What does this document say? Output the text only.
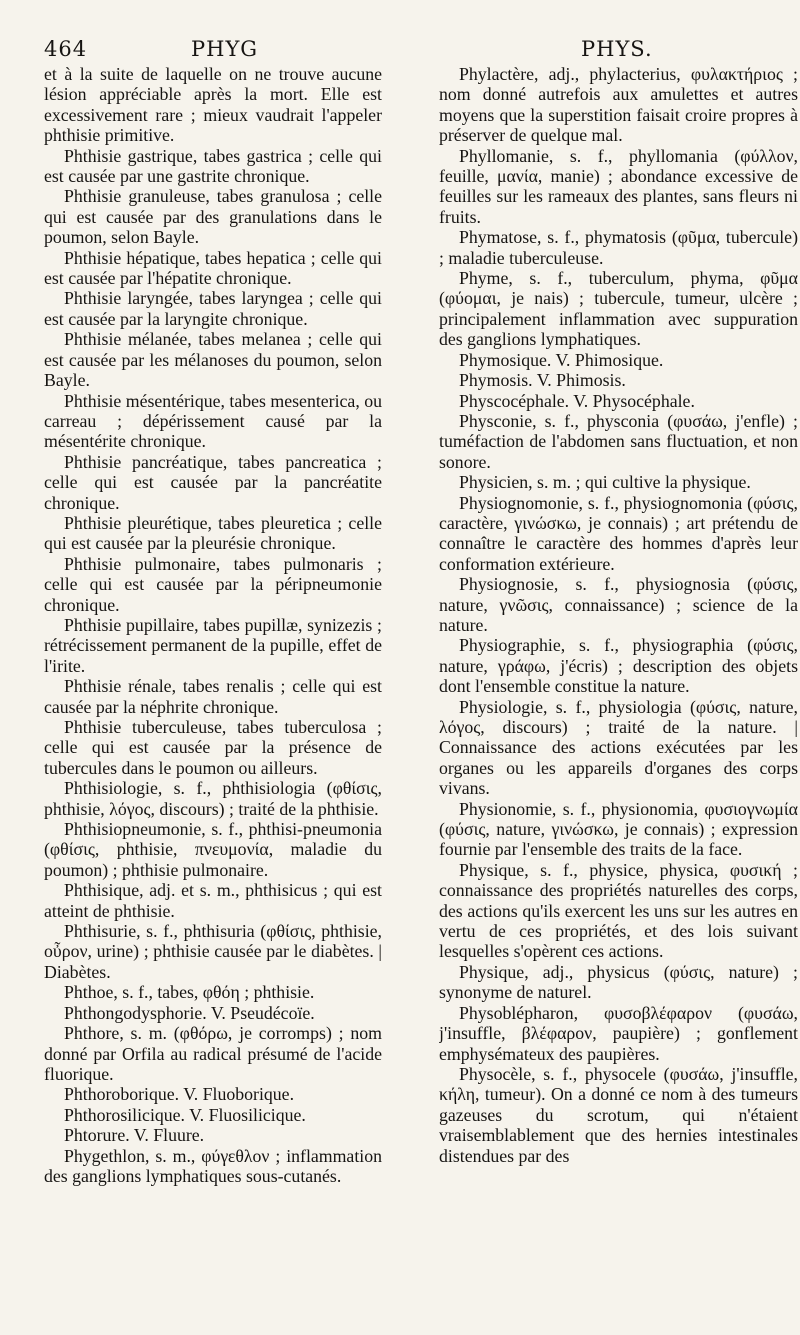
464	PHYG	PHYS.

et à la suite de laquelle on ne trouve aucune lésion appréciable après la mort. Elle est excessivement rare ; mieux vaudrait l'appeler phthisie primitive.

Phthisie gastrique, tabes gastrica ; celle qui est causée par une gastrite chronique.

Phthisie granuleuse, tabes granulosa ; celle qui est causée par des granulations dans le poumon, selon Bayle.

Phthisie hépatique, tabes hepatica ; celle qui est causée par l'hépatite chronique.

Phthisie laryngée, tabes laryngea ; celle qui est causée par la laryngite chronique.

Phthisie mélanée, tabes melanea ; celle qui est causée par les mélanoses du poumon, selon Bayle.

Phthisie mésentérique, tabes mesenterica, ou carreau ; dépérissement causé par la mésentérite chronique.

Phthisie pancréatique, tabes pancreatica ; celle qui est causée par la pancréatite chronique.

Phthisie pleurétique, tabes pleuretica ; celle qui est causée par la pleurésie chronique.

Phthisie pulmonaire, tabes pulmonaris ; celle qui est causée par la péripneumonie chronique.

Phthisie pupillaire, tabes pupillæ, synizezis ; rétrécissement permanent de la pupille, effet de l'irite.

Phthisie rénale, tabes renalis ; celle qui est causée par la néphrite chronique.

Phthisie tuberculeuse, tabes tuberculosa ; celle qui est causée par la présence de tubercules dans le poumon ou ailleurs.

Phthisiologie, s. f., phthisiologia (φθίσις, phthisie, λόγος, discours) ; traité de la phthisie.

Phthisiopneumonie, s. f., phthisi-pneumonia (φθίσις, phthisie, πνευμονία, maladie du poumon) ; phthisie pulmonaire.

Phthisique, adj. et s. m., phthisicus ; qui est atteint de phthisie.

Phthisurie, s. f., phthisuria (φθίσις, phthisie, οὖρον, urine) ; phthisie causée par le diabètes. | Diabètes.

Phthoe, s. f., tabes, φθόη ; phthisie.

Phthongodysphorie. V. Pseudécoïe.

Phthore, s. m. (φθόρω, je corromps) ; nom donné par Orfila au radical présumé de l'acide fluorique.

Phthoroborique. V. Fluoborique.

Phthorosilicique. V. Fluosilicique.

Phtorure. V. Fluure.

Phygethlon, s. m., φύγεθλον ; inflammation des ganglions lymphatiques sous-cutanés.

Phylactère, adj., phylacterius, φυλακτήριος ; nom donné autrefois aux amulettes et autres moyens que la superstition faisait croire propres à préserver de quelque mal.

Phyllomanie, s. f., phyllomania (φύλλον, feuille, μανία, manie) ; abondance excessive de feuilles sur les rameaux des plantes, sans fleurs ni fruits.

Phymatose, s. f., phymatosis (φῦμα, tubercule) ; maladie tuberculeuse.

Phyme, s. f., tuberculum, phyma, φῦμα (φύομαι, je nais) ; tubercule, tumeur, ulcère ; principalement inflammation avec suppuration des ganglions lymphatiques.

Phymosique. V. Phimosique.

Phymosis. V. Phimosis.

Physcocéphale. V. Physocéphale.

Physconie, s. f., physconia (φυσάω, j'enfle) ; tuméfaction de l'abdomen sans fluctuation, et non sonore.

Physicien, s. m. ; qui cultive la physique.

Physiognomonie, s. f., physiognomonia (φύσις, caractère, γινώσκω, je connais) ; art prétendu de connaître le caractère des hommes d'après leur conformation extérieure.

Physiognosie, s. f., physiognosia (φύσις, nature, γνῶσις, connaissance) ; science de la nature.

Physiographie, s. f., physiographia (φύσις, nature, γράφω, j'écris) ; description des objets dont l'ensemble constitue la nature.

Physiologie, s. f., physiologia (φύσις, nature, λόγος, discours) ; traité de la nature. | Connaissance des actions exécutées par les organes ou les appareils d'organes des corps vivans.

Physionomie, s. f., physionomia, φυσιογνωμία (φύσις, nature, γινώσκω, je connais) ; expression fournie par l'ensemble des traits de la face.

Physique, s. f., physice, physica, φυσική ; connaissance des propriétés naturelles des corps, des actions qu'ils exercent les uns sur les autres en vertu de ces propriétés, et des lois suivant lesquelles s'opèrent ces actions.

Physique, adj., physicus (φύσις, nature) ; synonyme de naturel.

Physoblépharon, φυσοβλέφαρον (φυσάω, j'insuffle, βλέφαρον, paupière) ; gonflement emphysémateux des paupières.

Physocèle, s. f., physocele (φυσάω, j'insuffle, κήλη, tumeur). On a donné ce nom à des tumeurs gazeuses du scrotum, qui n'étaient vraisemblablement que des hernies intestinales distendues par des
